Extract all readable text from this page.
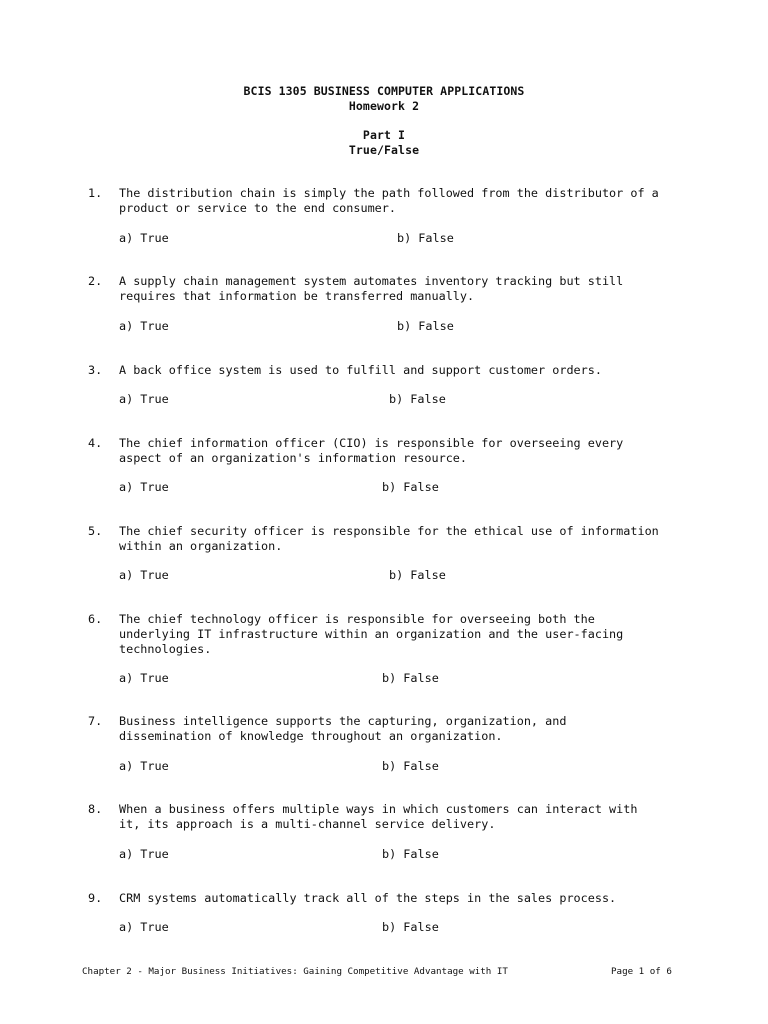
BCIS 1305 BUSINESS COMPUTER APPLICATIONS
Homework 2
Part I
True/False
1. The distribution chain is simply the path followed from the distributor of a
product or service to the end consumer.
a) True	b) False
2. A supply chain management system automates inventory tracking but still
requires that information be transferred manually.
a) True	b) False
3. A back office system is used to fulfill and support customer orders.
a) True	b) False
4. The chief information officer (CIO) is responsible for overseeing every
aspect of an organization's information resource.
a) True	b) False
5. The chief security officer is responsible for the ethical use of information
within an organization.
a) True	b) False
6. The chief technology officer is responsible for overseeing both the
underlying IT infrastructure within an organization and the user-facing
technologies.
a) True	b) False
7. Business intelligence supports the capturing, organization, and
dissemination of knowledge throughout an organization.
a) True	b) False
8. When a business offers multiple ways in which customers can interact with
it, its approach is a multi-channel service delivery.
a) True	b) False
9. CRM systems automatically track all of the steps in the sales process.
a) True	b) False
Chapter 2 - Major Business Initiatives: Gaining Competitive Advantage with IT	Page 1 of 6
